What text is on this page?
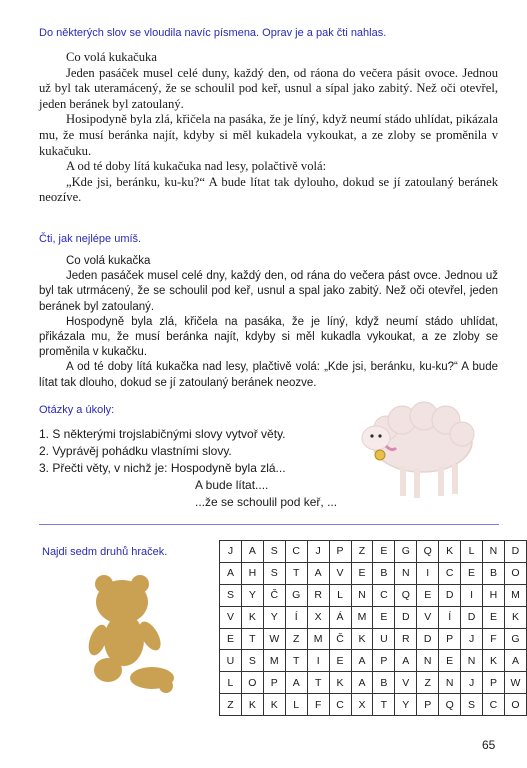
Do některých slov se vloudila navíc písmena. Oprav je a pak čti nahlas.

Co volá kukačuka

Jeden pasáček musel celé duny, každý den, od ráona do večera pásit ovoce. Jednou už byl tak uteramácený, že se schoulil pod keř, usnul a sípal jako zabitý. Než oči otevřel, jeden beránek byl zatoulaný.

Hosipodyně byla zlá, křičela na pasáka, že je líný, když neumí stádo uhlídat, pikázala mu, že musí beránka najít, kdyby si měl kukadela vykoukat, a ze zloby se proměnila v kukačuku.

A od té doby lítá kukačuka nad lesy, polačtivě volá:

„Kde jsi, beránku, ku-ku?“ A bude lítat tak dylouho, dokud se jí zatoulaný beránek neozíve.

Čti, jak nejlépe umíš.

Co volá kukačka

Jeden pasáček musel celé dny, každý den, od rána do večera pást ovce. Jednou už byl tak utrmácený, že se schoulil pod keř, usnul a spal jako zabitý. Než oči otevřel, jeden beránek byl zatoulaný.

Hospodyně byla zlá, křičela na pasáka, že je líný, když neumí stádo uhlídat, přikázala mu, že musí beránka najít, kdyby si měl kukadla vykoukat, a ze zloby se proměnila v kukačku.

A od té doby lítá kukačka nad lesy, plačtivě volá: „Kde jsi, beránku, ku-ku?“ A bude lítat tak dlouho, dokud se jí zatoulaný beránek neozve.

Otázky a úkoly:
1. S některými trojslabičnými slovy vytvoř věty.
2. Vyprávěj pohádku vlastními slovy.
3. Přečti věty, v nichž je: Hospodyně byla zlá...
A bude lítat....
...že se schoulil pod keř, ...
Najdi sedm druhů hraček.	J	A	S	C	J	P	Z	E	G	Q	K	L	N	D
A	H	S	T	A	V	E	B	N	I	C	E	B	O
S	Y	Č	G	R	L	N	C	Q	E	D	I	H	M
V	K	Y	Í	X	Á	M	E	D	V	Í	D	E	K
E	T	W	Z	M	Č	K	U	R	D	P	J	F	G
U	S	M	T	I	E	A	P	A	N	E	N	K	A
L	O	P	A	T	K	A	B	V	Z	N	J	P	W
Z	K	K	L	F	C	X	T	Y	P	Q	S	C	O
65
